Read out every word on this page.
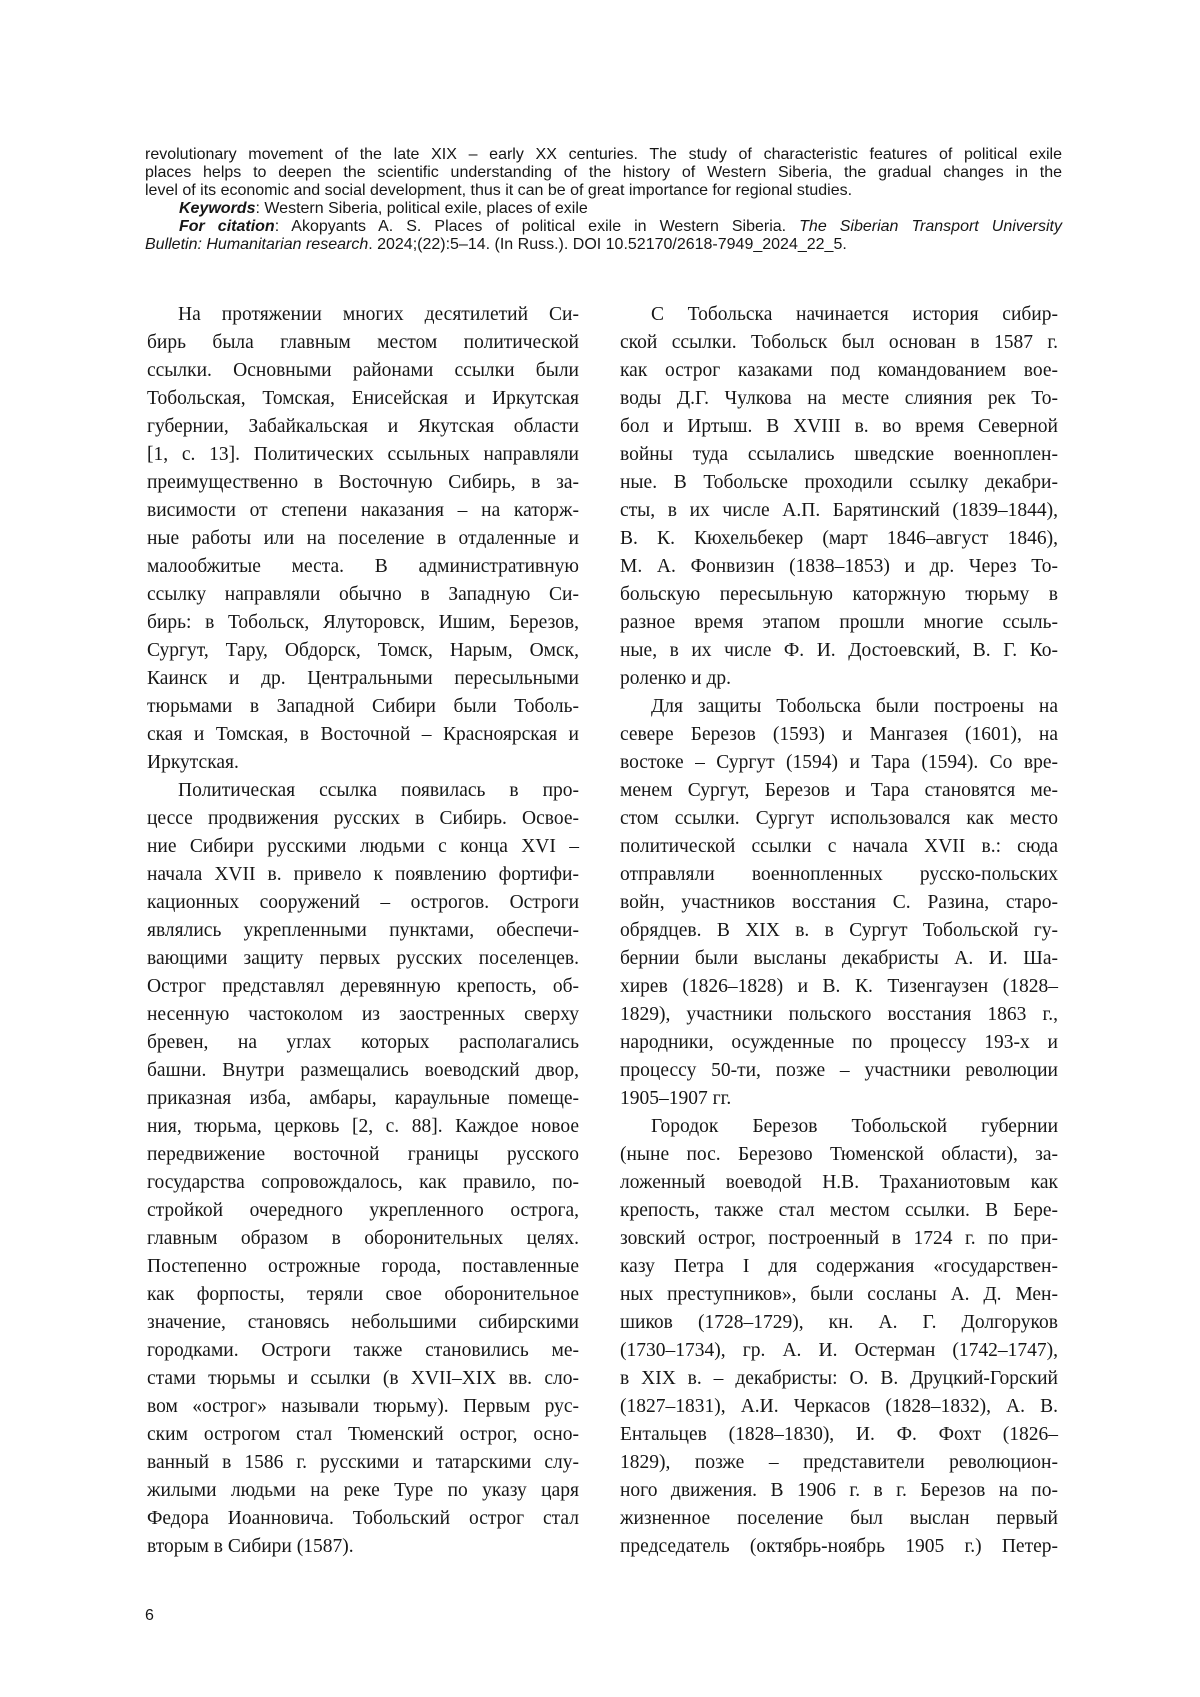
revolutionary movement of the late XIX – early XX centuries. The study of characteristic features of political exile
places helps to deepen the scientific understanding of the history of Western Siberia, the gradual changes in the
level of its economic and social development, thus it can be of great importance for regional studies.
Keywords: Western Siberia, political exile, places of exile
For citation: Akopyants A. S. Places of political exile in Western Siberia. The Siberian Transport University
Bulletin: Humanitarian research. 2024;(22):5–14. (In Russ.). DOI 10.52170/2618-7949_2024_22_5.
На протяжении многих десятилетий Си-
бирь была главным местом политической
ссылки. Основными районами ссылки были
Тобольская, Томская, Енисейская и Иркутская
губернии, Забайкальская и Якутская области
[1, с. 13]. Политических ссыльных направляли
преимущественно в Восточную Сибирь, в за-
висимости от степени наказания – на каторж-
ные работы или на поселение в отдаленные и
малообжитые места. В административную
ссылку направляли обычно в Западную Си-
бирь: в Тобольск, Ялуторовск, Ишим, Березов,
Сургут, Тару, Обдорск, Томск, Нарым, Омск,
Каинск и др. Центральными пересыльными
тюрьмами в Западной Сибири были Тоболь-
ская и Томская, в Восточной – Красноярская и
Иркутская.
Политическая ссылка появилась в про-
цессе продвижения русских в Сибирь. Освое-
ние Сибири русскими людьми с конца XVI –
начала XVII в. привело к появлению фортифи-
кационных сооружений – острогов. Остроги
являлись укрепленными пунктами, обеспечи-
вающими защиту первых русских поселенцев.
Острог представлял деревянную крепость, об-
несенную частоколом из заостренных сверху
бревен, на углах которых располагались
башни. Внутри размещались воеводский двор,
приказная изба, амбары, караульные помеще-
ния, тюрьма, церковь [2, с. 88]. Каждое новое
передвижение восточной границы русского
государства сопровождалось, как правило, по-
стройкой очередного укрепленного острога,
главным образом в оборонительных целях.
Постепенно острожные города, поставленные
как форпосты, теряли свое оборонительное
значение, становясь небольшими сибирскими
городками. Остроги также становились ме-
стами тюрьмы и ссылки (в XVII–XIX вв. сло-
вом «острог» называли тюрьму). Первым рус-
ским острогом стал Тюменский острог, осно-
ванный в 1586 г. русскими и татарскими слу-
жилыми людьми на реке Туре по указу царя
Федора Иоанновича. Тобольский острог стал
вторым в Сибири (1587).
С Тобольска начинается история сибир-
ской ссылки. Тобольск был основан в 1587 г.
как острог казаками под командованием вое-
воды Д.Г. Чулкова на месте слияния рек То-
бол и Иртыш. В XVIII в. во время Северной
войны туда ссылались шведские военноплен-
ные. В Тобольске проходили ссылку декабри-
сты, в их числе А.П. Барятинский (1839–1844),
В. К. Кюхельбекер (март 1846–август 1846),
М. А. Фонвизин (1838–1853) и др. Через То-
больскую пересыльную каторжную тюрьму в
разное время этапом прошли многие ссыль-
ные, в их числе Ф. И. Достоевский, В. Г. Ко-
роленко и др.
Для защиты Тобольска были построены на
севере Березов (1593) и Мангазея (1601), на
востоке – Сургут (1594) и Тара (1594). Со вре-
менем Сургут, Березов и Тара становятся ме-
стом ссылки. Сургут использовался как место
политической ссылки с начала XVII в.: сюда
отправляли военнопленных русско-польских
войн, участников восстания С. Разина, старо-
обрядцев. В XIX в. в Сургут Тобольской гу-
бернии были высланы декабристы А. И. Ша-
хирев (1826–1828) и В. К. Тизенгаузен (1828–
1829), участники польского восстания 1863 г.,
народники, осужденные по процессу 193-х и
процессу 50-ти, позже – участники революции
1905–1907 гг.
Городок Березов Тобольской губернии
(ныне пос. Березово Тюменской области), за-
ложенный воеводой Н.В. Траханиотовым как
крепость, также стал местом ссылки. В Бере-
зовский острог, построенный в 1724 г. по при-
казу Петра I для содержания «государствен-
ных преступников», были сосланы А. Д. Мен-
шиков (1728–1729), кн. А. Г. Долгоруков
(1730–1734), гр. А. И. Остерман (1742–1747),
в XIX в. – декабристы: О. В. Друцкий-Горский
(1827–1831), А.И. Черкасов (1828–1832), А. В.
Ентальцев (1828–1830), И. Ф. Фохт (1826–
1829), позже – представители революцион-
ного движения. В 1906 г. в г. Березов на по-
жизненное поселение был выслан первый
председатель (октябрь-ноябрь 1905 г.) Петер-
6
